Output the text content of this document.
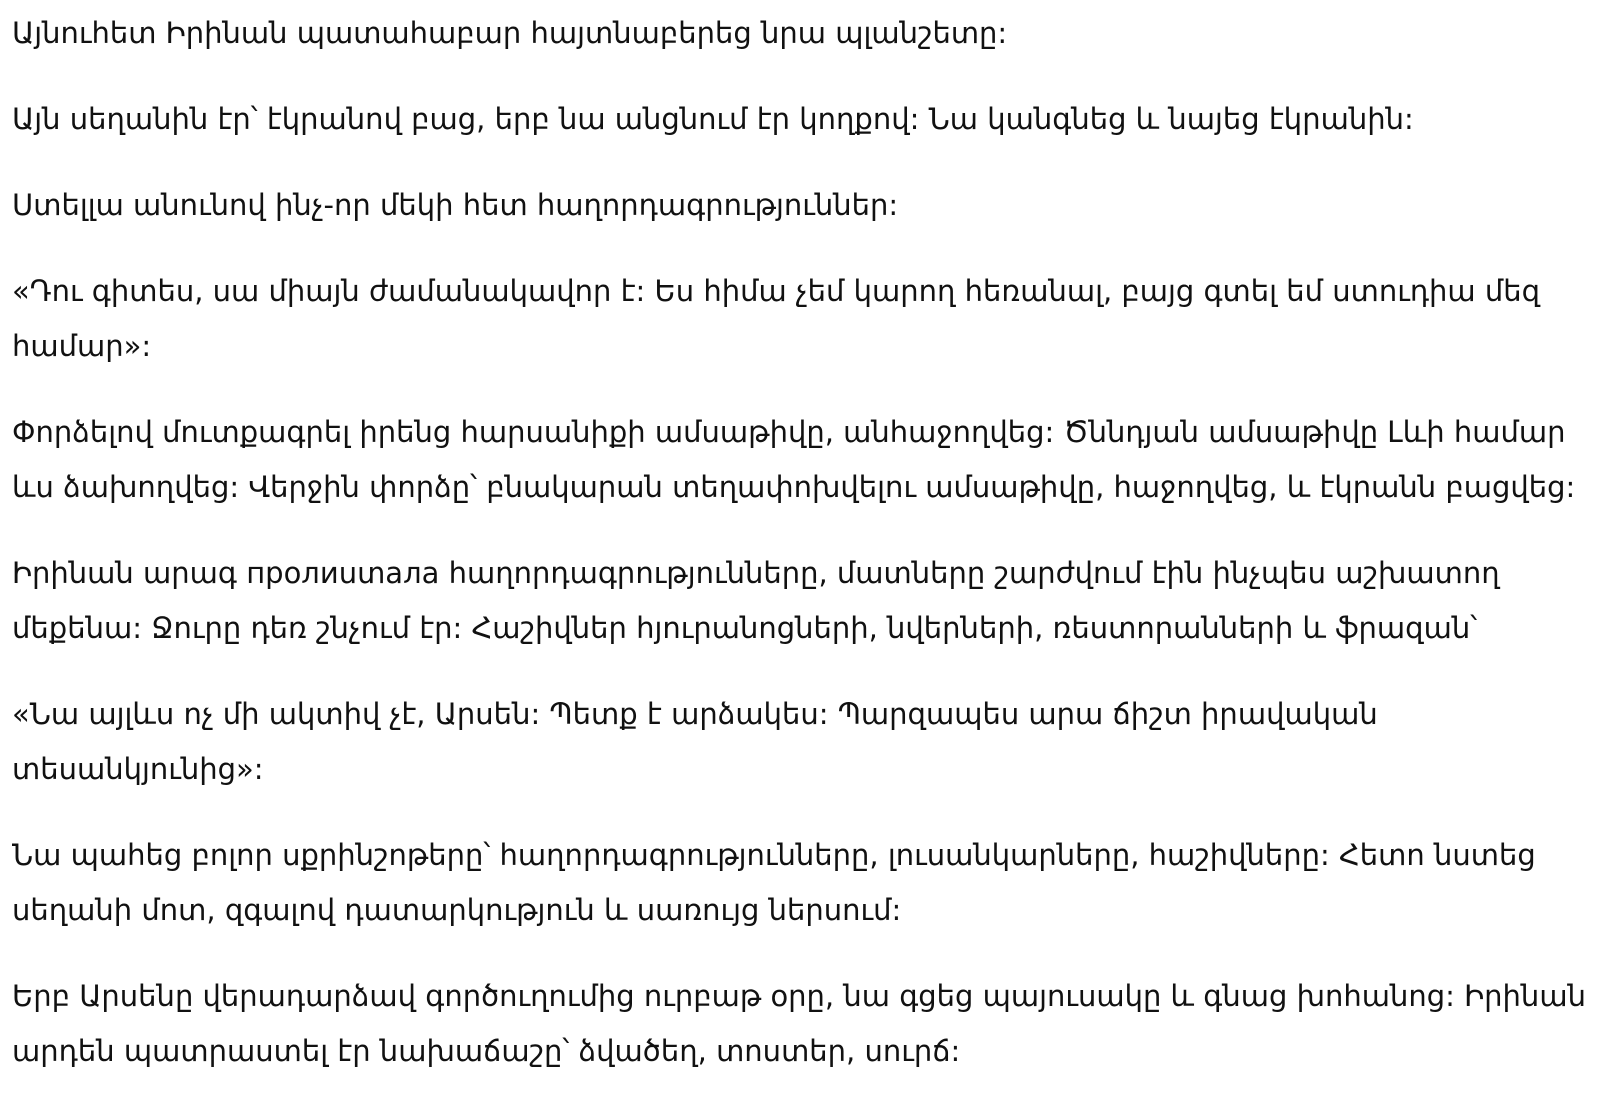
Այնուհետ Իրինան պատահաբար հայտնաբերեց նրա պլանշետը:

Այն սեղանին էր՝ էկրանով բաց, երբ նա անցնում էր կողքով: Նա կանգնեց և նայեց էկրանին:

Ստելլա անունով ինչ-որ մեկի հետ հաղորդագրություններ:

«Դու գիտես, սա միայն ժամանակավոր է: Ես հիմա չեմ կարող հեռանալ, բայց գտել եմ ստուդիա մեզ համար»:

Փորձելով մուտքագրել իրենց հարսանիքի ամսաթիվը, անհաջողվեց: Ծննդյան ամսաթիվը Լևի համար ևս ձախողվեց: Վերջին փորձը՝ բնակարան տեղափոխվելու ամսաթիվը, հաջողվեց, և էկրանն բացվեց:

Իրինան արագ пролиստала հաղորդագրությունները, մատները շարժվում էին ինչպես աշխատող մեքենա: Ջուրը դեռ շնչում էր: Հաշիվներ հյուրանոցների, նվերների, ռեստորանների և ֆրազան՝

«Նա այլևս ոչ մի ակտիվ չէ, Արսեն: Պետք է արձակես: Պարզապես արա ճիշտ իրավական տեսանկյունից»:

Նա պահեց բոլոր սքրինշոթերը՝ հաղորդագրությունները, լուսանկարները, հաշիվները: Հետո նստեց սեղանի մոտ, զգալով դատարկություն և սառույց ներսում:

Երբ Արսենը վերադարձավ գործուղումից ուրբաթ օրը, նա գցեց պայուսակը և գնաց խոհանոց: Իրինան արդեն պատրաստել էր նախաճաշը՝ ձվածեղ, տոստեր, սուրճ:
